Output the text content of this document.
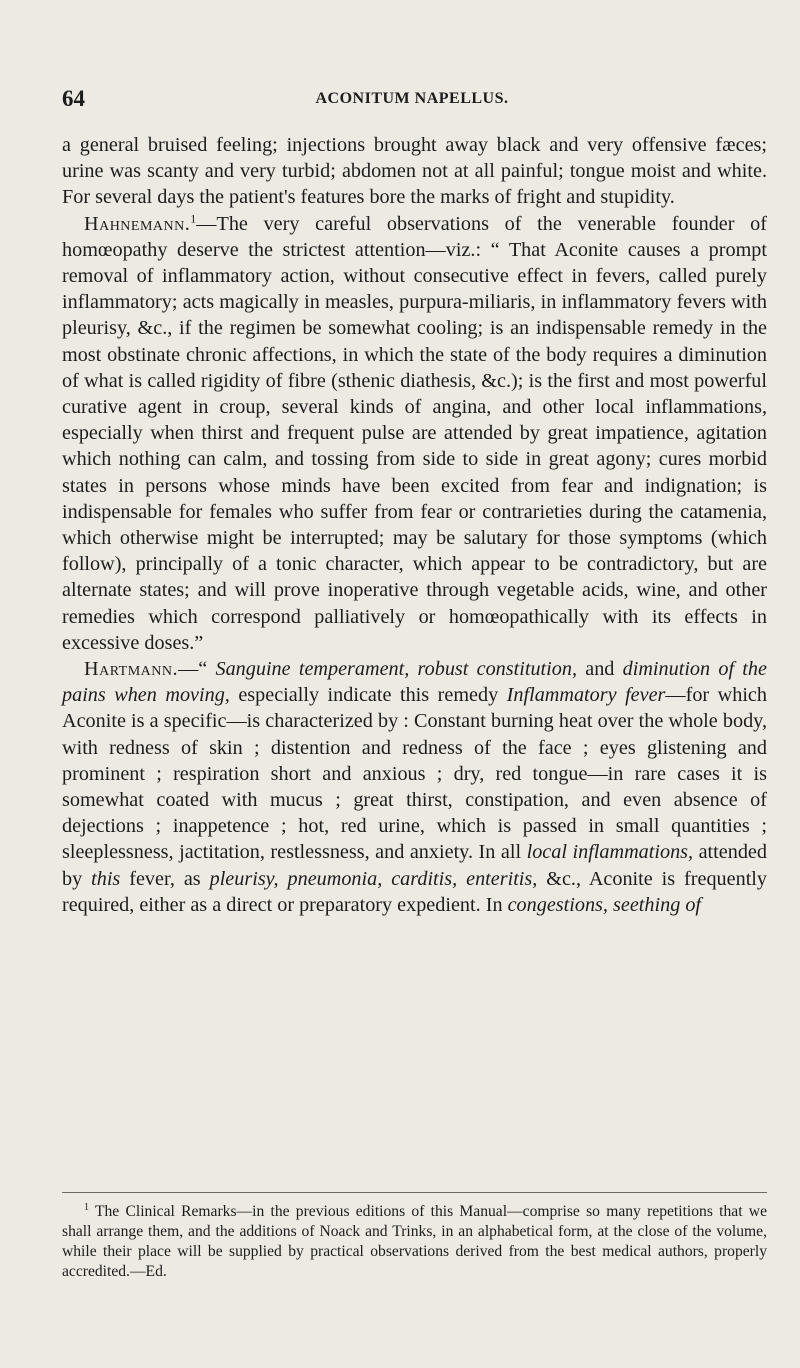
64	ACONITUM NAPELLUS.

a general bruised feeling; injections brought away black and very offensive fæces; urine was scanty and very turbid; abdomen not at all painful; tongue moist and white. For several days the patient's features bore the marks of fright and stupidity.

Hahnemann.$^1$—The very careful observations of the venerable founder of homœopathy deserve the strictest attention—viz.: “ That Aconite causes a prompt removal of inflammatory action, without consecutive effect in fevers, called purely inflammatory; acts magically in measles, purpura-miliaris, in inflammatory fevers with pleurisy, &c., if the regimen be somewhat cooling; is an indispensable remedy in the most obstinate chronic affections, in which the state of the body requires a diminution of what is called rigidity of fibre (sthenic diathesis, &c.); is the first and most powerful curative agent in croup, several kinds of angina, and other local inflammations, especially when thirst and frequent pulse are attended by great impatience, agitation which nothing can calm, and tossing from side to side in great agony; cures morbid states in persons whose minds have been excited from fear and indignation; is indispensable for females who suffer from fear or contrarieties during the catamenia, which otherwise might be interrupted; may be salutary for those symptoms (which follow), principally of a tonic character, which appear to be contradictory, but are alternate states; and will prove inoperative through vegetable acids, wine, and other remedies which correspond palliatively or homœopathically with its effects in excessive doses.”

Hartmann.—“ Sanguine temperament, robust constitution, and diminution of the pains when moving, especially indicate this remedy Inflammatory fever—for which Aconite is a specific—is characterized by : Constant burning heat over the whole body, with redness of skin ; distention and redness of the face ; eyes glistening and prominent ; respiration short and anxious ; dry, red tongue—in rare cases it is somewhat coated with mucus ; great thirst, constipation, and even absence of dejections ; inappetence ; hot, red urine, which is passed in small quantities ; sleeplessness, jactitation, restlessness, and anxiety. In all local inflammations, attended by this fever, as pleurisy, pneumonia, carditis, enteritis, &c., Aconite is frequently required, either as a direct or preparatory expedient. In congestions, seething of

$^1$ The Clinical Remarks—in the previous editions of this Manual—comprise so many repetitions that we shall arrange them, and the additions of Noack and Trinks, in an alphabetical form, at the close of the volume, while their place will be supplied by practical observations derived from the best medical authors, properly accredited.—Ed.
